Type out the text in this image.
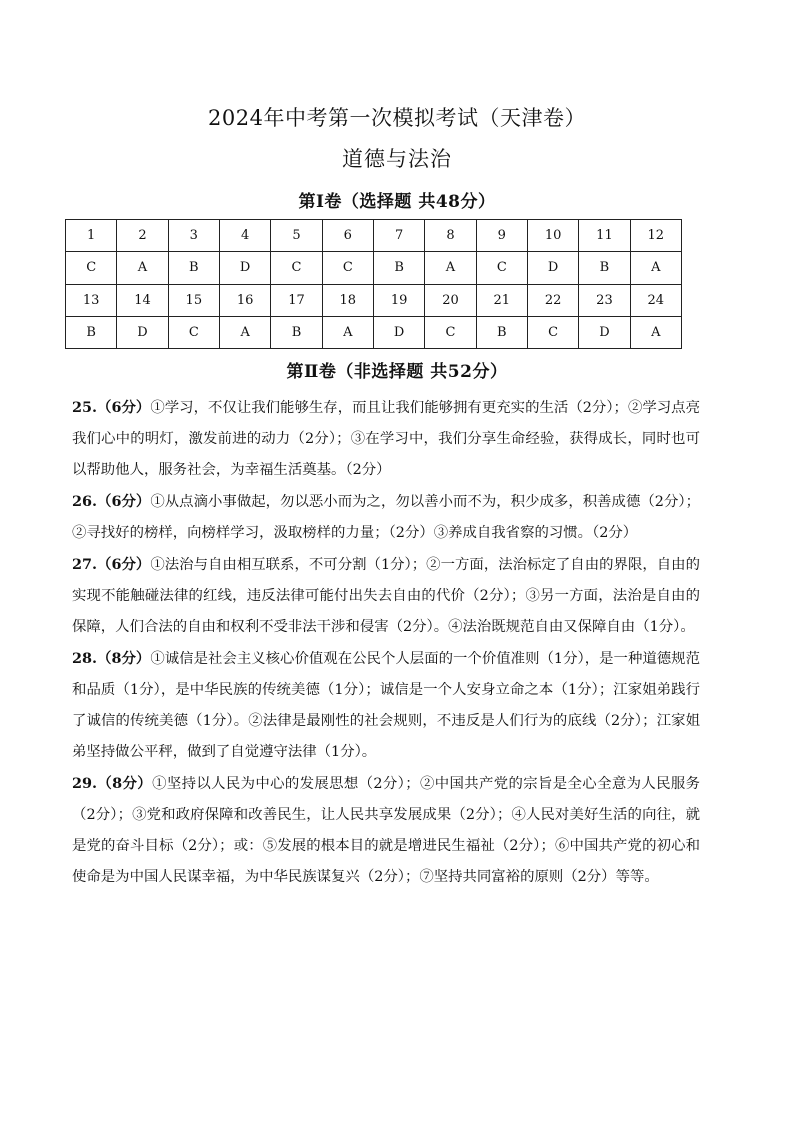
2024年中考第一次模拟考试（天津卷）
道德与法治
第Ⅰ卷（选择题 共48分）
1	2	3	4	5	6	7	8	9	10	11	12
C	A	B	D	C	C	B	A	C	D	B	A
13	14	15	16	17	18	19	20	21	22	23	24
B	D	C	A	B	A	D	C	B	C	D	A
第Ⅱ卷（非选择题 共52分）

25.（6分）①学习，不仅让我们能够生存，而且让我们能够拥有更充实的生活（2分）；②学习点亮我们心中的明灯，激发前进的动力（2分）；③在学习中，我们分享生命经验，获得成长，同时也可以帮助他人，服务社会，为幸福生活奠基。（2分）

26.（6分）①从点滴小事做起，勿以恶小而为之，勿以善小而不为，积少成多，积善成德（2分）；②寻找好的榜样，向榜样学习，汲取榜样的力量；（2分）③养成自我省察的习惯。（2分）

27.（6分）①法治与自由相互联系，不可分割（1分）；②一方面，法治标定了自由的界限，自由的实现不能触碰法律的红线，违反法律可能付出失去自由的代价（2分）；③另一方面，法治是自由的保障，人们合法的自由和权利不受非法干涉和侵害（2分）。④法治既规范自由又保障自由（1分）。

28.（8分）①诚信是社会主义核心价值观在公民个人层面的一个价值准则（1分），是一种道德规范和品质（1分），是中华民族的传统美德（1分）；诚信是一个人安身立命之本（1分）；江家姐弟践行了诚信的传统美德（1分）。②法律是最刚性的社会规则，不违反是人们行为的底线（2分）；江家姐弟坚持做公平秤，做到了自觉遵守法律（1分）。

29.（8分）①坚持以人民为中心的发展思想（2分）；②中国共产党的宗旨是全心全意为人民服务（2分）；③党和政府保障和改善民生，让人民共享发展成果（2分）；④人民对美好生活的向往，就是党的奋斗目标（2分）；或：⑤发展的根本目的就是增进民生福祉（2分）；⑥中国共产党的初心和使命是为中国人民谋幸福，为中华民族谋复兴（2分）；⑦坚持共同富裕的原则（2分）等等。
